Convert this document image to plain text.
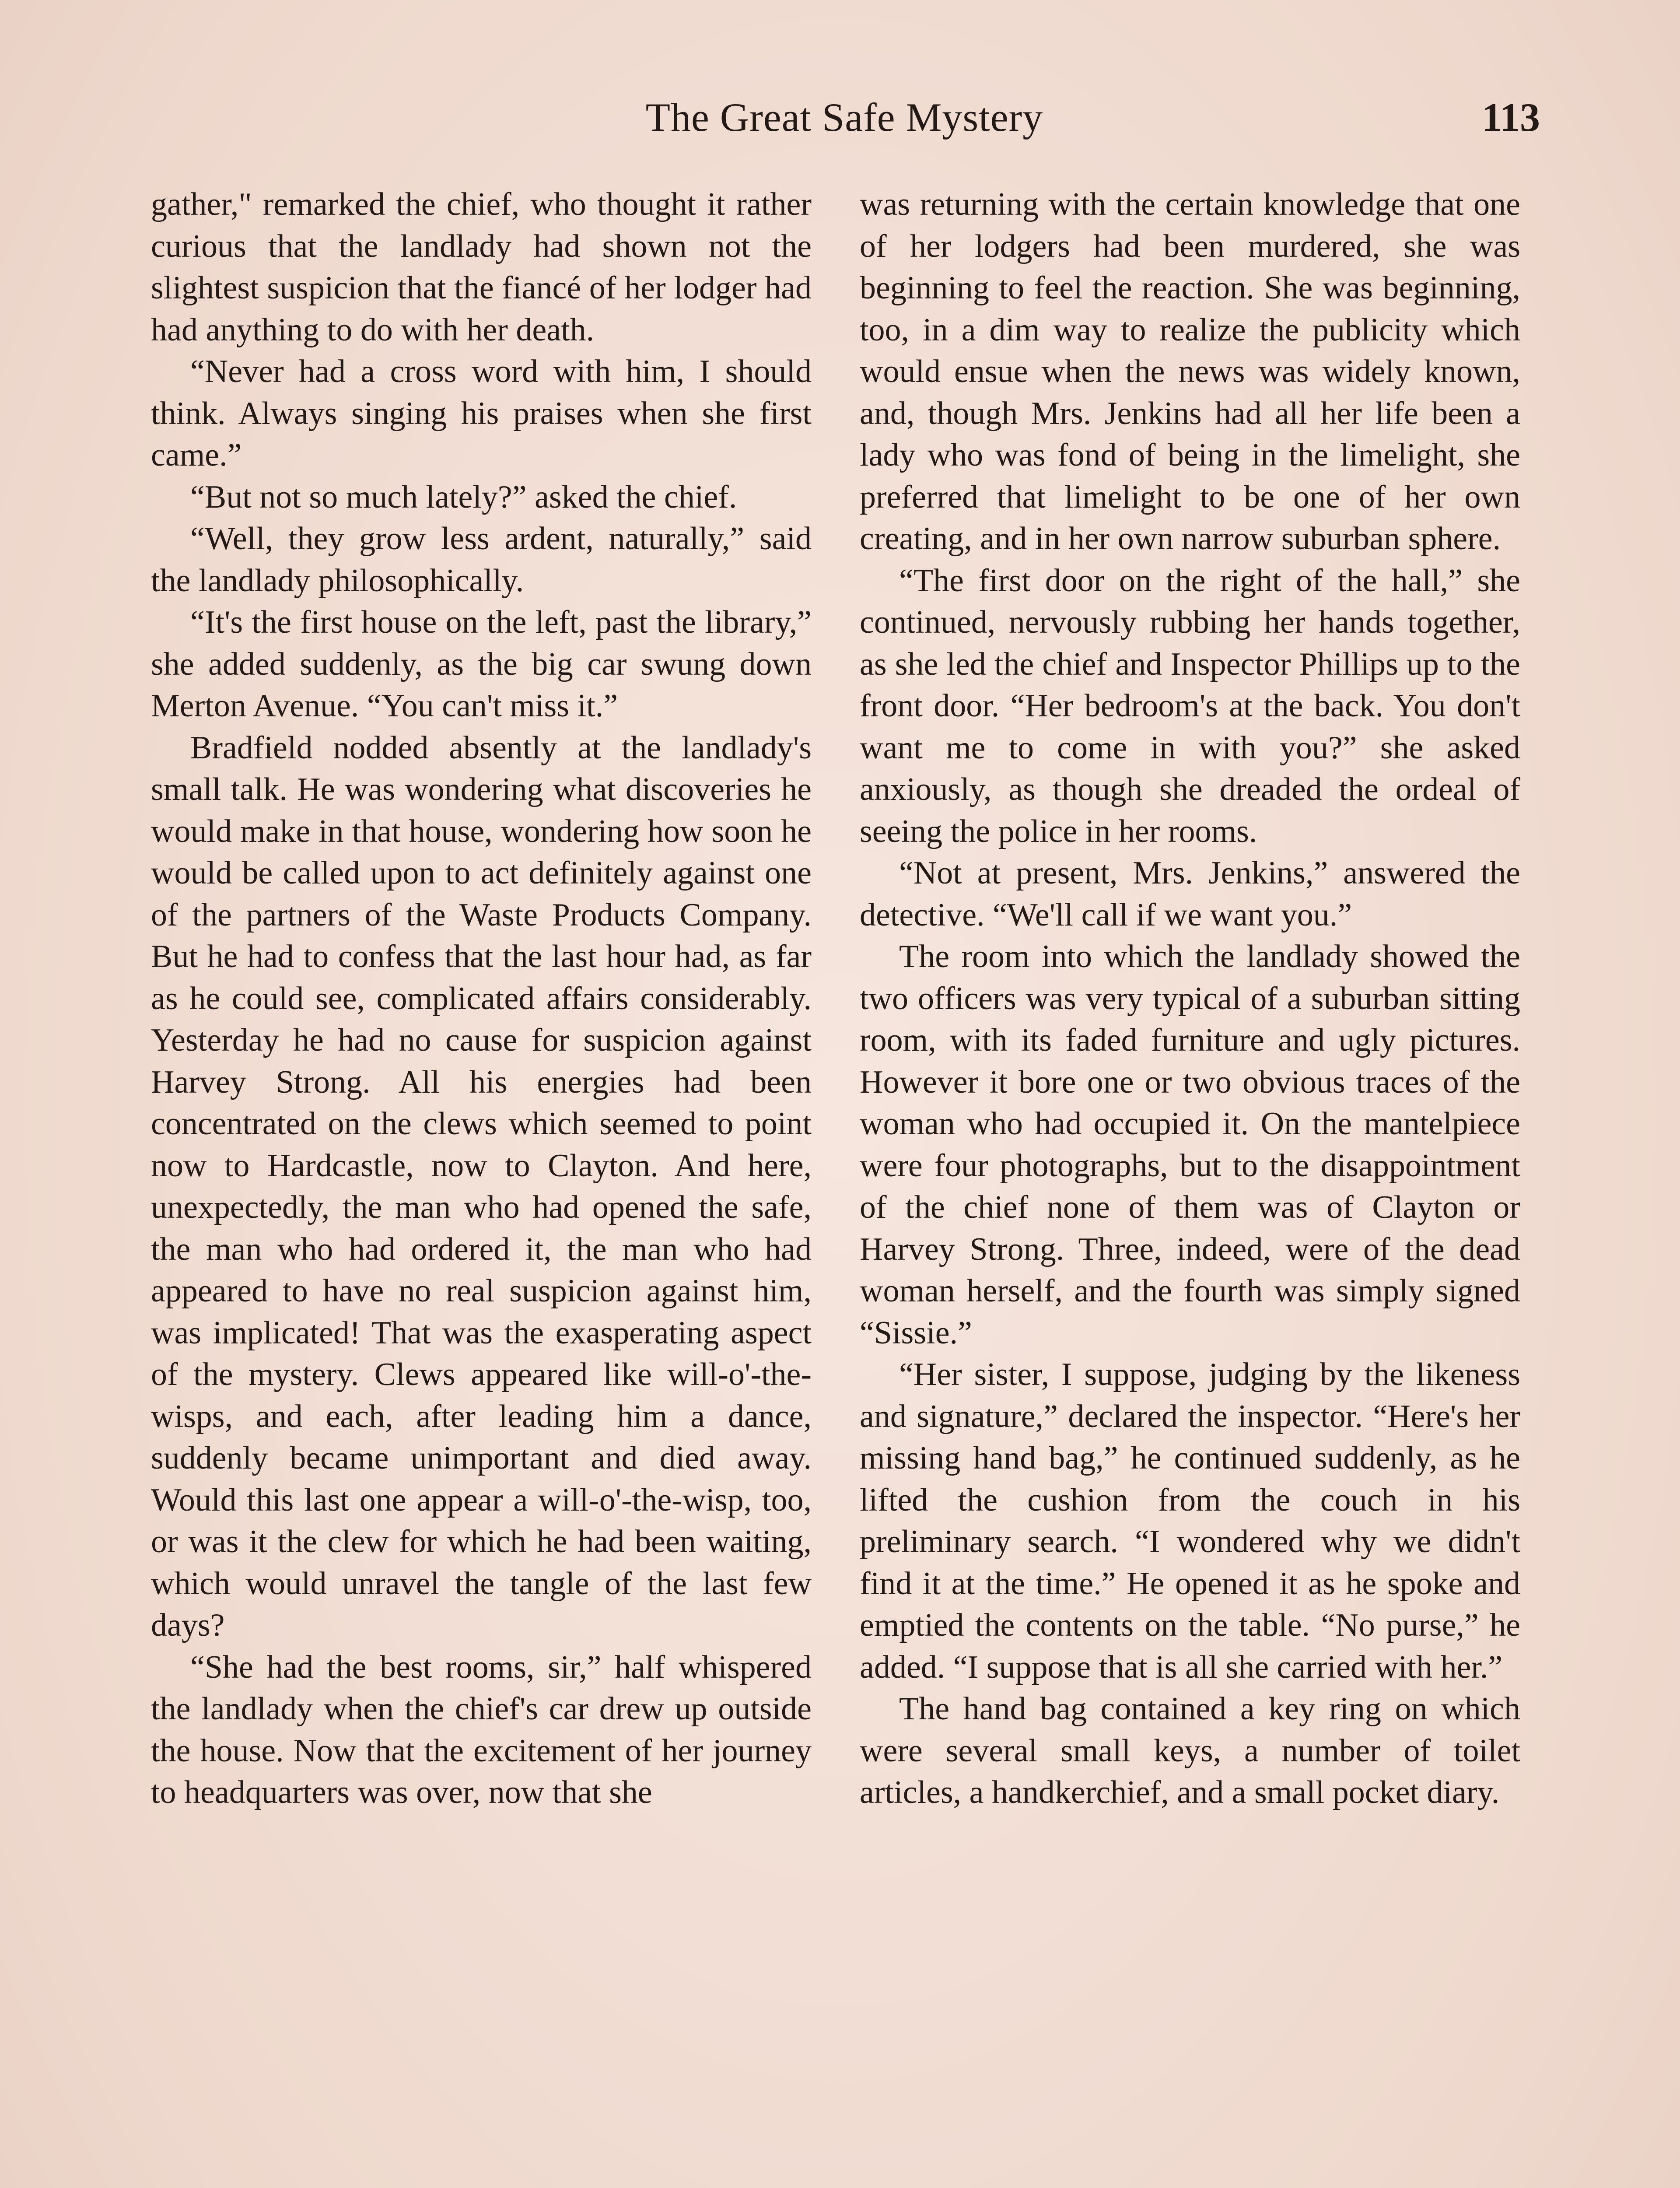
The Great Safe Mystery	113

gather," remarked the chief, who thought it rather curious that the landlady had shown not the slightest suspicion that the fiancé of her lodger had had anything to do with her death.

“Never had a cross word with him, I should think. Always singing his praises when she first came.”

“But not so much lately?” asked the chief.

“Well, they grow less ardent, naturally,” said the landlady philosophically.

“It's the first house on the left, past the library,” she added suddenly, as the big car swung down Merton Avenue. “You can't miss it.”

Bradfield nodded absently at the landlady's small talk. He was wondering what discoveries he would make in that house, wondering how soon he would be called upon to act definitely against one of the partners of the Waste Products Company. But he had to confess that the last hour had, as far as he could see, complicated affairs considerably. Yesterday he had no cause for suspicion against Harvey Strong. All his energies had been concentrated on the clews which seemed to point now to Hardcastle, now to Clayton. And here, unexpectedly, the man who had opened the safe, the man who had ordered it, the man who had appeared to have no real suspicion against him, was implicated! That was the exasperating aspect of the mystery. Clews appeared like will-o'-the-wisps, and each, after leading him a dance, suddenly became unimportant and died away. Would this last one appear a will-o'-the-wisp, too, or was it the clew for which he had been waiting, which would unravel the tangle of the last few days?

“She had the best rooms, sir,” half whispered the landlady when the chief's car drew up outside the house. Now that the excitement of her journey to headquarters was over, now that she

was returning with the certain knowledge that one of her lodgers had been murdered, she was beginning to feel the reaction. She was beginning, too, in a dim way to realize the publicity which would ensue when the news was widely known, and, though Mrs. Jenkins had all her life been a lady who was fond of being in the limelight, she preferred that limelight to be one of her own creating, and in her own narrow suburban sphere.

“The first door on the right of the hall,” she continued, nervously rubbing her hands together, as she led the chief and Inspector Phillips up to the front door. “Her bedroom's at the back. You don't want me to come in with you?” she asked anxiously, as though she dreaded the ordeal of seeing the police in her rooms.

“Not at present, Mrs. Jenkins,” answered the detective. “We'll call if we want you.”

The room into which the landlady showed the two officers was very typical of a suburban sitting room, with its faded furniture and ugly pictures. However it bore one or two obvious traces of the woman who had occupied it. On the mantelpiece were four photographs, but to the disappointment of the chief none of them was of Clayton or Harvey Strong. Three, indeed, were of the dead woman herself, and the fourth was simply signed “Sissie.”

“Her sister, I suppose, judging by the likeness and signature,” declared the inspector. “Here's her missing hand bag,” he continued suddenly, as he lifted the cushion from the couch in his preliminary search. “I wondered why we didn't find it at the time.” He opened it as he spoke and emptied the contents on the table. “No purse,” he added. “I suppose that is all she carried with her.”

The hand bag contained a key ring on which were several small keys, a number of toilet articles, a handkerchief, and a small pocket diary.
